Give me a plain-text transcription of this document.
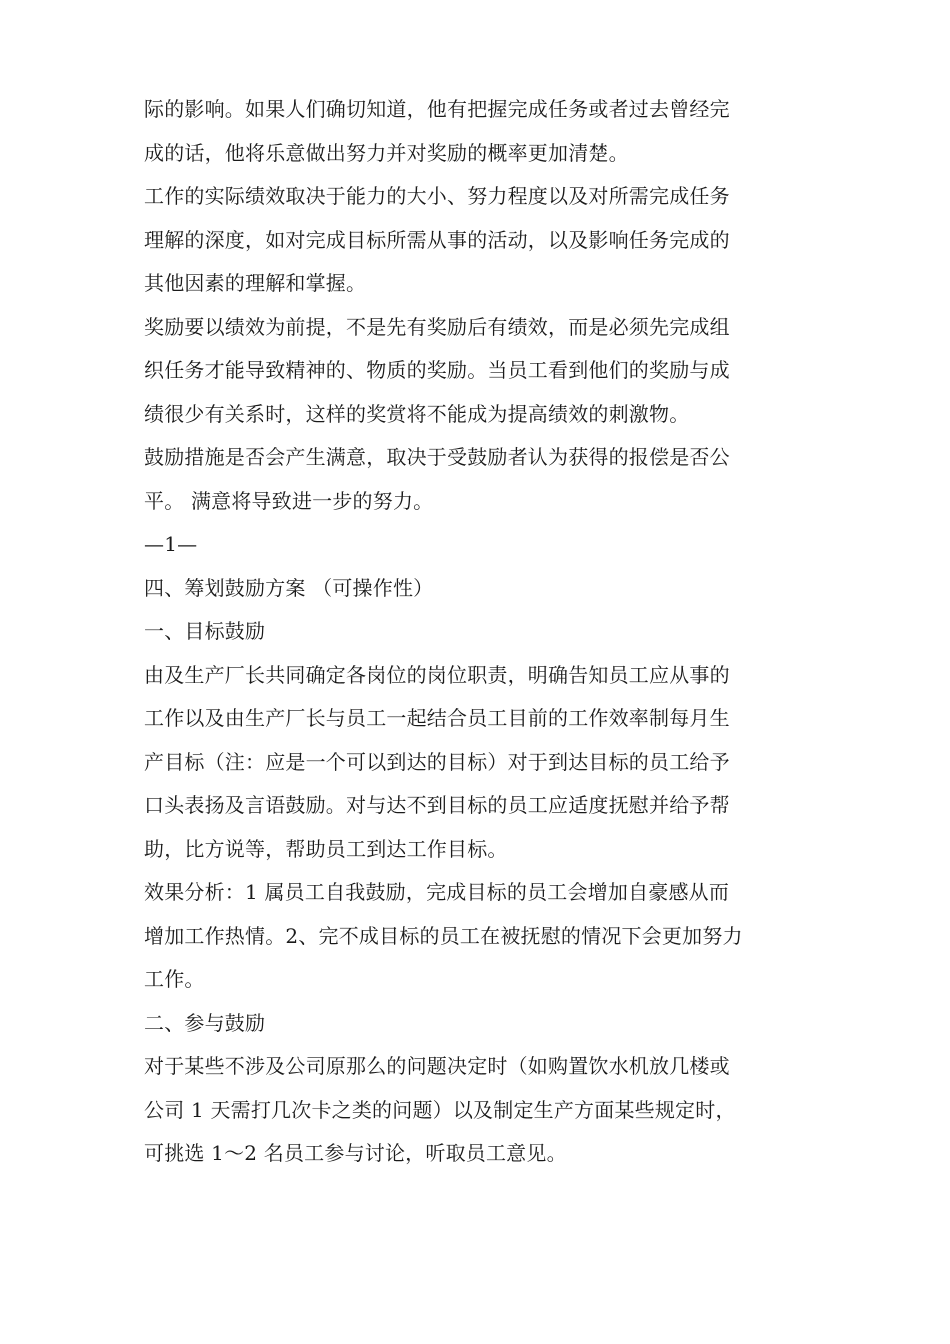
际的影响。如果人们确切知道，他有把握完成任务或者过去曾经完
成的话，他将乐意做出努力并对奖励的概率更加清楚。
工作的实际绩效取决于能力的大小、努力程度以及对所需完成任务
理解的深度，如对完成目标所需从事的活动，以及影响任务完成的
其他因素的理解和掌握。
奖励要以绩效为前提，不是先有奖励后有绩效，而是必须先完成组
织任务才能导致精神的、物质的奖励。当员工看到他们的奖励与成
绩很少有关系时，这样的奖赏将不能成为提高绩效的刺激物。
鼓励措施是否会产生满意，取决于受鼓励者认为获得的报偿是否公
平。 满意将导致进一步的努力。
—1—
四、筹划鼓励方案 （可操作性）
一、目标鼓励
由及生产厂长共同确定各岗位的岗位职责，明确告知员工应从事的
工作以及由生产厂长与员工一起结合员工目前的工作效率制每月生
产目标（注：应是一个可以到达的目标）对于到达目标的员工给予
口头表扬及言语鼓励。对与达不到目标的员工应适度抚慰并给予帮
助，比方说等，帮助员工到达工作目标。
效果分析：1 属员工自我鼓励，完成目标的员工会增加自豪感从而
增加工作热情。2、完不成目标的员工在被抚慰的情况下会更加努力
工作。
二、参与鼓励
对于某些不涉及公司原那么的问题决定时（如购置饮水机放几楼或
公司 1 天需打几次卡之类的问题）以及制定生产方面某些规定时，
可挑选 1～2 名员工参与讨论，听取员工意见。
